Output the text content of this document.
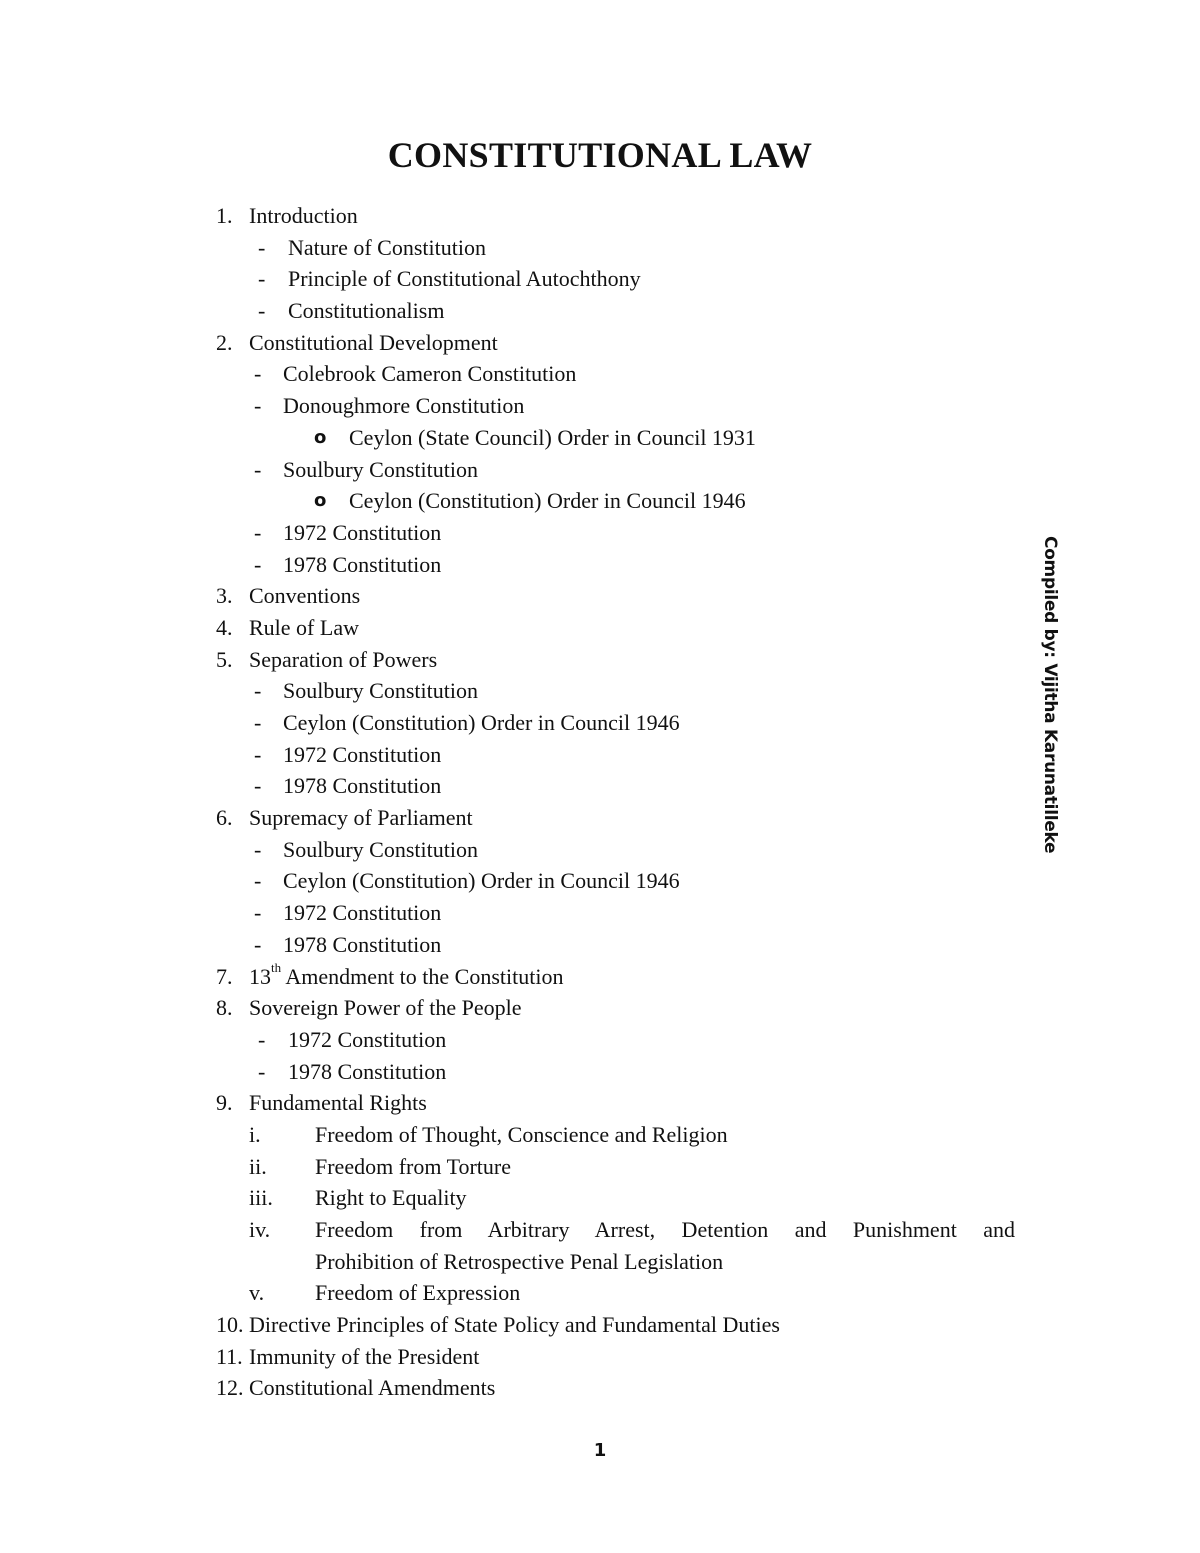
CONSTITUTIONAL LAW
1. Introduction
- Nature of Constitution
- Principle of Constitutional Autochthony
- Constitutionalism
2. Constitutional Development
- Colebrook Cameron Constitution
- Donoughmore Constitution
o Ceylon (State Council) Order in Council 1931
- Soulbury Constitution
o Ceylon (Constitution) Order in Council 1946
- 1972 Constitution
- 1978 Constitution
3. Conventions
4. Rule of Law
5. Separation of Powers
- Soulbury Constitution
- Ceylon (Constitution) Order in Council 1946
- 1972 Constitution
- 1978 Constitution
6. Supremacy of Parliament
- Soulbury Constitution
- Ceylon (Constitution) Order in Council 1946
- 1972 Constitution
- 1978 Constitution
7. 13th Amendment to the Constitution
8. Sovereign Power of the People
- 1972 Constitution
- 1978 Constitution
9. Fundamental Rights
i. Freedom of Thought, Conscience and Religion
ii. Freedom from Torture
iii. Right to Equality
iv. Freedom from Arbitrary Arrest, Detention and Punishment and
Prohibition of Retrospective Penal Legislation
v. Freedom of Expression
10. Directive Principles of State Policy and Fundamental Duties
11. Immunity of the President
12. Constitutional Amendments
Compiled by: Vijitha Karunatilleke
1
